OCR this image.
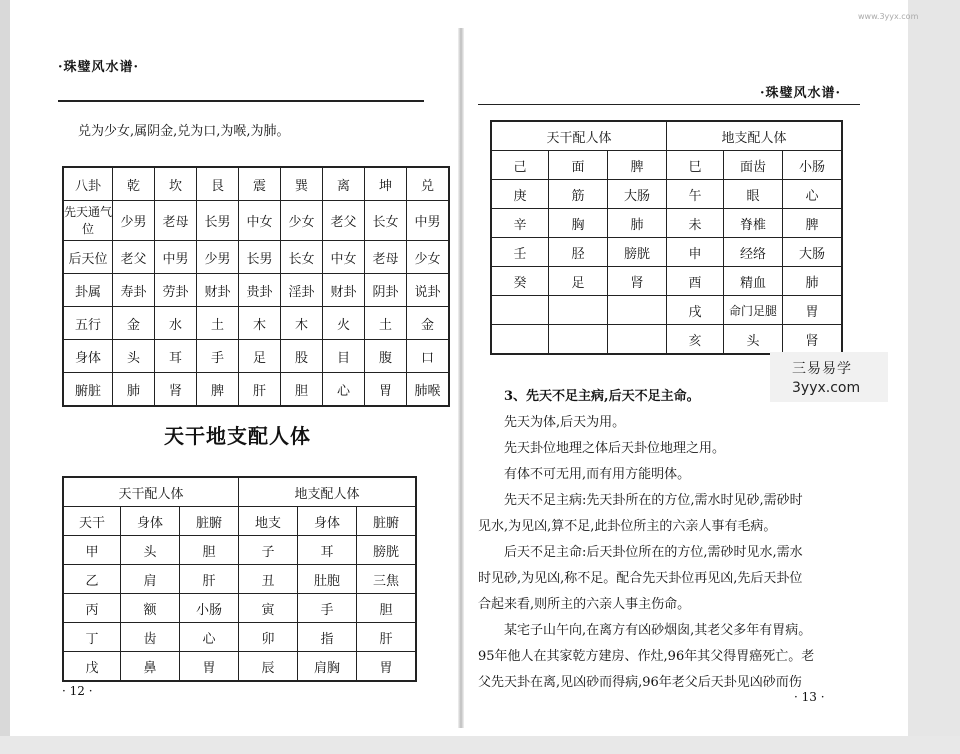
www.3yyx.com
·珠璧风水谱·
兑为少女,属阴金,兑为口,为喉,为肺。
八卦	乾	坎	艮	震	巽	离	坤	兑
先天通气位	少男	老母	长男	中女	少女	老父	长女	中男
后天位	老父	中男	少男	长男	长女	中女	老母	少女
卦属	寿卦	劳卦	财卦	贵卦	淫卦	财卦	阴卦	说卦
五行	金	水	土	木	木	火	土	金
身体	头	耳	手	足	股	目	腹	口
腑脏	肺	肾	脾	肝	胆	心	胃	肺喉
天干地支配人体
天干配人体			地支配人体		
天干	身体	脏腑	地支	身体	脏腑
甲	头	胆	子	耳	膀胱
乙	肩	肝	丑	肚胞	三焦
丙	额	小肠	寅	手	胆
丁	齿	心	卯	指	肝
戊	鼻	胃	辰	肩胸	胃
· 12 ·
·珠璧风水谱·
天干配人体			地支配人体		
己	面	脾	巳	面齿	小肠
庚	筋	大肠	午	眼	心
辛	胸	肺	未	脊椎	脾
壬	胫	膀胱	申	经络	大肠
癸	足	肾	酉	精血	肺
			戌	命门足腿	胃
			亥	头	肾
三易易学
3yyx.com
3、先天不足主病,后天不足主命。
先天为体,后天为用。
先天卦位地理之体后天卦位地理之用。
有体不可无用,而有用方能明体。
先天不足主病:先天卦所在的方位,需水时见砂,需砂时
见水,为见凶,算不足,此卦位所主的六亲人事有毛病。
后天不足主命:后天卦位所在的方位,需砂时见水,需水
时见砂,为见凶,称不足。配合先天卦位再见凶,先后天卦位
合起来看,则所主的六亲人事主伤命。
某宅子山午向,在离方有凶砂烟囱,其老父多年有胃病。
95年他人在其家乾方建房、作灶,96年其父得胃癌死亡。老
父先天卦在离,见凶砂而得病,96年老父后天卦见凶砂而伤
· 13 ·
